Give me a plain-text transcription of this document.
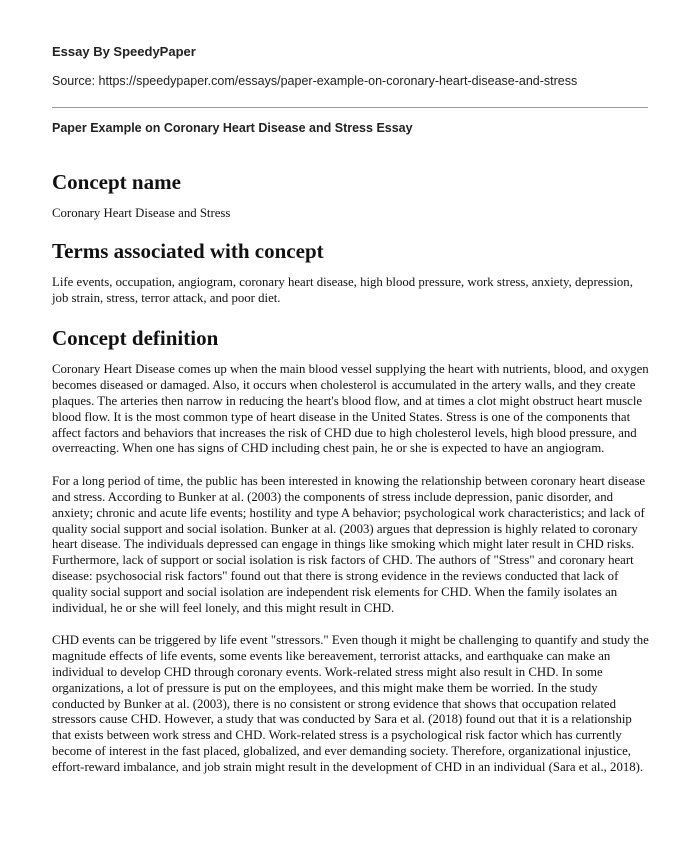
Essay By SpeedyPaper
Source: https://speedypaper.com/essays/paper-example-on-coronary-heart-disease-and-stress
Paper Example on Coronary Heart Disease and Stress Essay
Concept name

Coronary Heart Disease and Stress

Terms associated with concept

Life events, occupation, angiogram, coronary heart disease, high blood pressure, work stress, anxiety, depression, job strain, stress, terror attack, and poor diet.

Concept definition

Coronary Heart Disease comes up when the main blood vessel supplying the heart with nutrients, blood, and oxygen becomes diseased or damaged. Also, it occurs when cholesterol is accumulated in the artery walls, and they create plaques. The arteries then narrow in reducing the heart's blood flow, and at times a clot might obstruct heart muscle blood flow. It is the most common type of heart disease in the United States. Stress is one of the components that affect factors and behaviors that increases the risk of CHD due to high cholesterol levels, high blood pressure, and overreacting. When one has signs of CHD including chest pain, he or she is expected to have an angiogram.

For a long period of time, the public has been interested in knowing the relationship between coronary heart disease and stress. According to Bunker at al. (2003) the components of stress include depression, panic disorder, and anxiety; chronic and acute life events; hostility and type A behavior; psychological work characteristics; and lack of quality social support and social isolation. Bunker at al. (2003) argues that depression is highly related to coronary heart disease. The individuals depressed can engage in things like smoking which might later result in CHD risks. Furthermore, lack of support or social isolation is risk factors of CHD. The authors of "Stress" and coronary heart disease: psychosocial risk factors" found out that there is strong evidence in the reviews conducted that lack of quality social support and social isolation are independent risk elements for CHD. When the family isolates an individual, he or she will feel lonely, and this might result in CHD.

CHD events can be triggered by life event "stressors." Even though it might be challenging to quantify and study the magnitude effects of life events, some events like bereavement, terrorist attacks, and earthquake can make an individual to develop CHD through coronary events. Work-related stress might also result in CHD. In some organizations, a lot of pressure is put on the employees, and this might make them be worried. In the study conducted by Bunker at al. (2003), there is no consistent or strong evidence that shows that occupation related stressors cause CHD. However, a study that was conducted by Sara et al. (2018) found out that it is a relationship that exists between work stress and CHD. Work-related stress is a psychological risk factor which has currently become of interest in the fast placed, globalized, and ever demanding society. Therefore, organizational injustice, effort-reward imbalance, and job strain might result in the development of CHD in an individual (Sara et al., 2018).
